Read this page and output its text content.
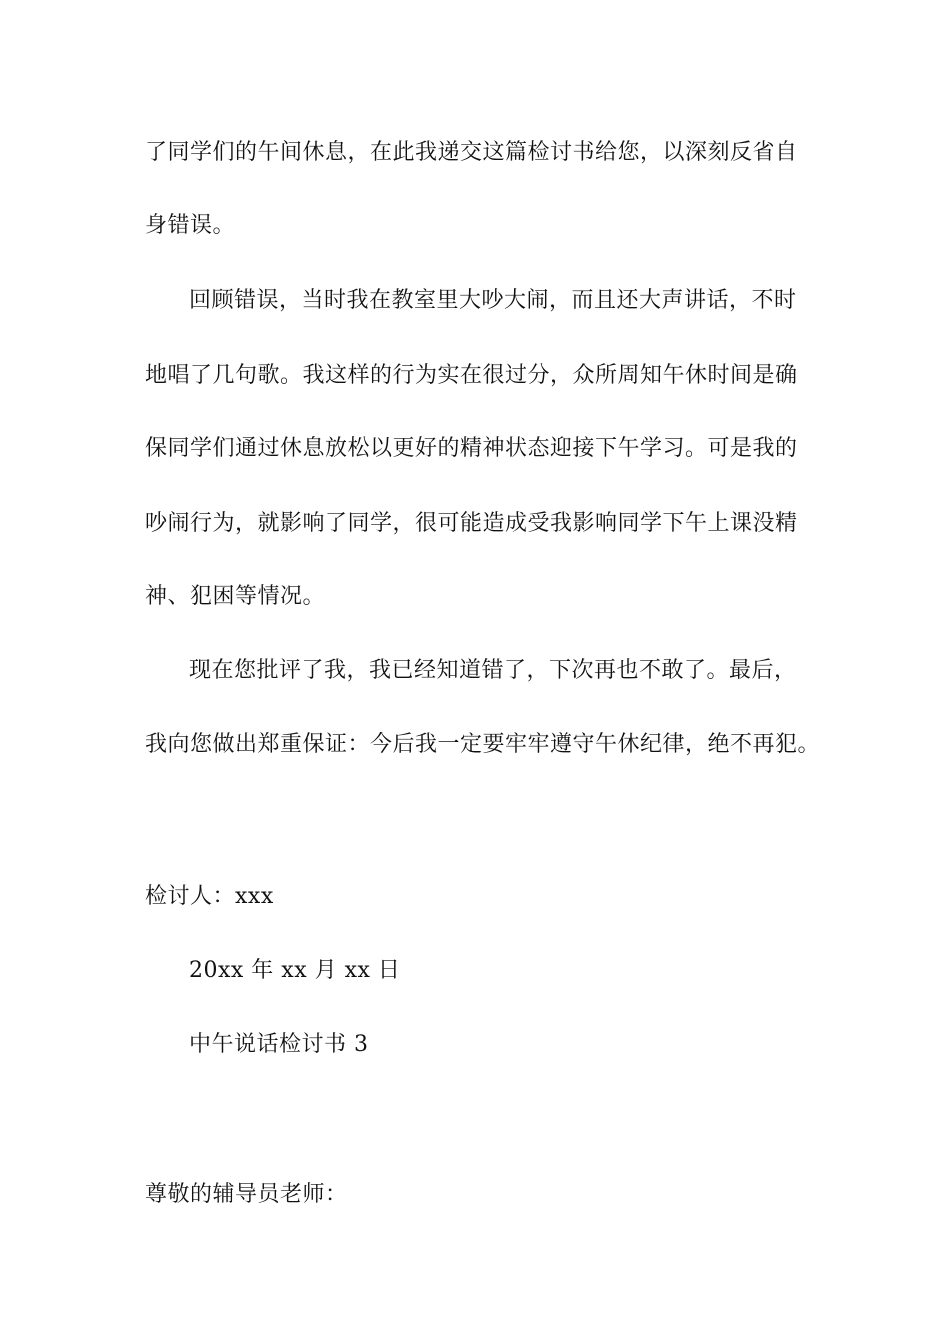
了同学们的午间休息，在此我递交这篇检讨书给您，以深刻反省自
身错误。
回顾错误，当时我在教室里大吵大闹，而且还大声讲话，不时
地唱了几句歌。我这样的行为实在很过分，众所周知午休时间是确
保同学们通过休息放松以更好的精神状态迎接下午学习。可是我的
吵闹行为，就影响了同学，很可能造成受我影响同学下午上课没精
神、犯困等情况。
现在您批评了我，我已经知道错了，下次再也不敢了。最后，
我向您做出郑重保证：今后我一定要牢牢遵守午休纪律，绝不再犯。
检讨人：xxx
20xx 年 xx 月 xx 日
中午说话检讨书 3
尊敬的辅导员老师：
